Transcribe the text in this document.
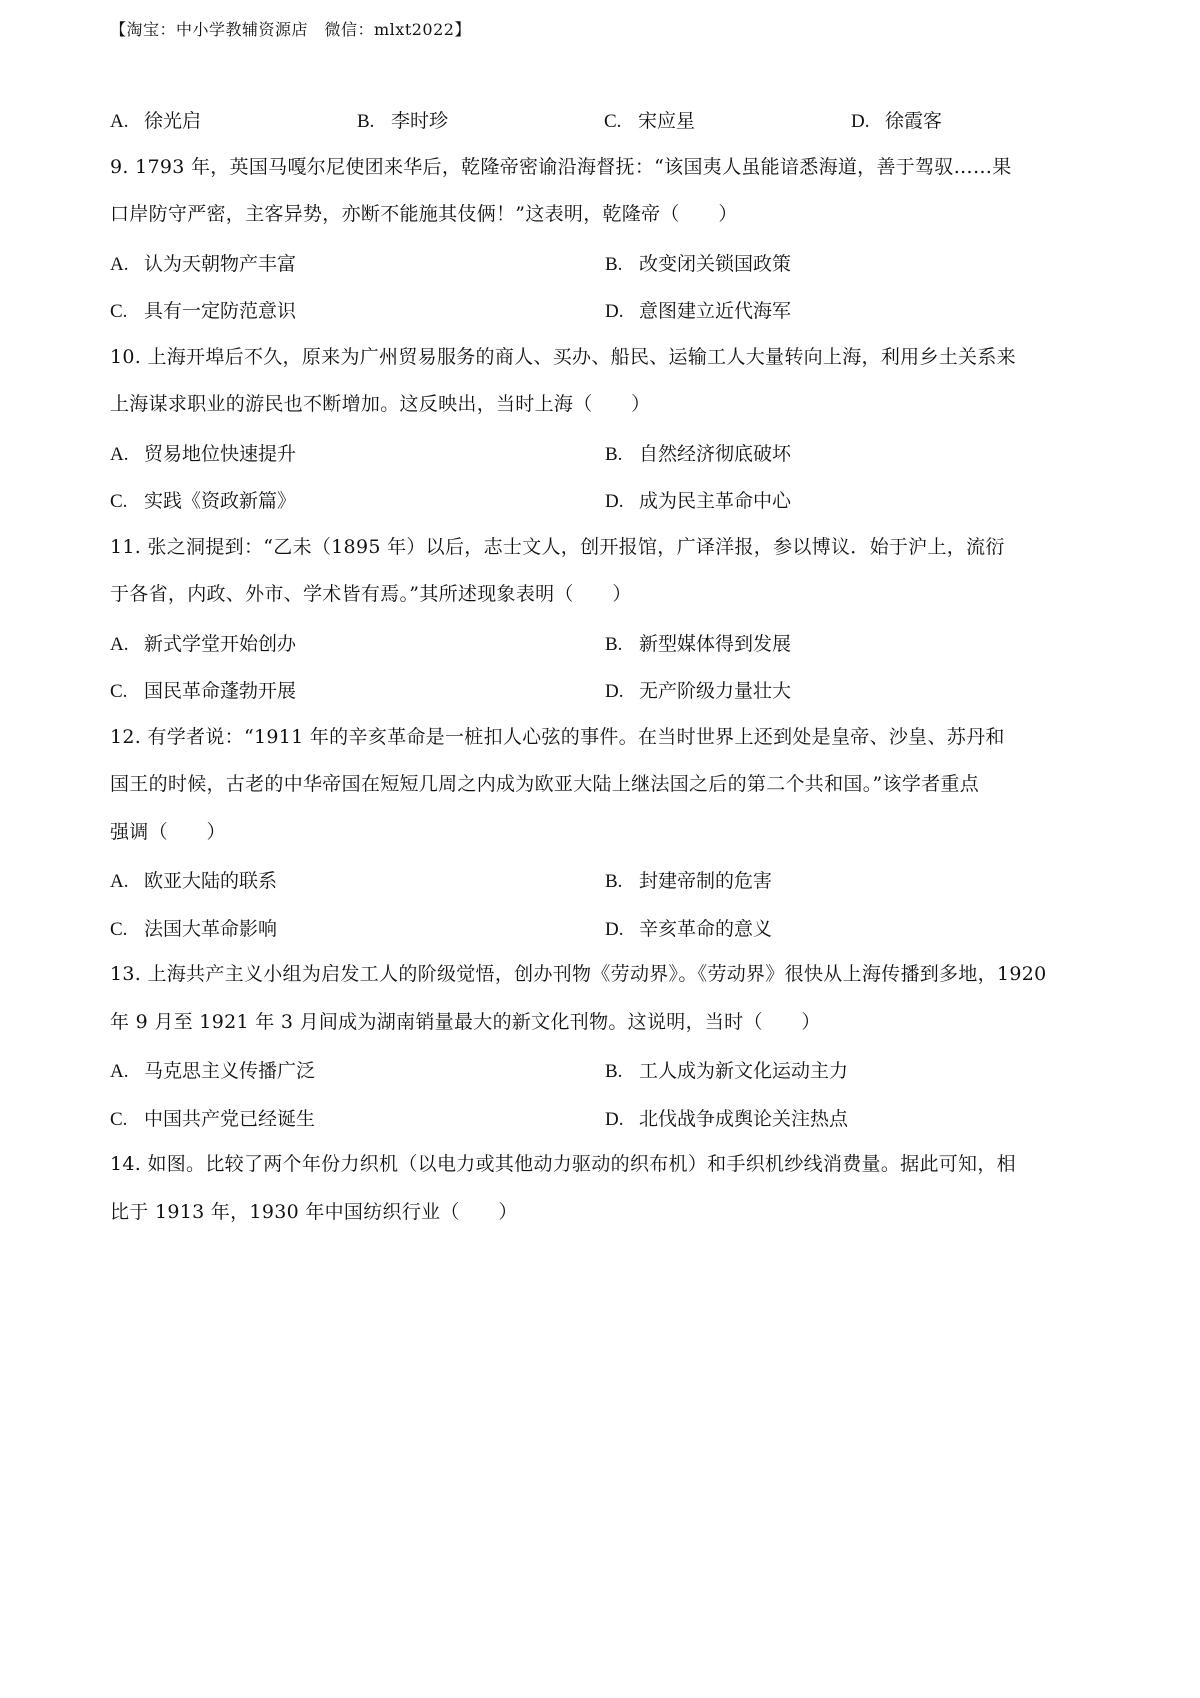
【淘宝：中小学教辅资源店　微信：mlxt2022】
A. 徐光启	B. 李时珍	C. 宋应星	D. 徐霞客
9. 1793 年，英国马嘎尔尼使团来华后，乾隆帝密谕沿海督抚：“该国夷人虽能谙悉海道，善于驾驭……果
口岸防守严密，主客异势，亦断不能施其伎俩！”这表明，乾隆帝（　　）
A. 认为天朝物产丰富	B. 改变闭关锁国政策
C. 具有一定防范意识	D. 意图建立近代海军
10. 上海开埠后不久，原来为广州贸易服务的商人、买办、船民、运输工人大量转向上海，利用乡土关系来
上海谋求职业的游民也不断增加。这反映出，当时上海（　　）
A. 贸易地位快速提升	B. 自然经济彻底破坏
C. 实践《资政新篇》	D. 成为民主革命中心
11. 张之洞提到：“乙未（1895 年）以后，志士文人，创开报馆，广译洋报，参以博议．始于沪上，流衍
于各省，内政、外市、学术皆有焉。”其所述现象表明（　　）
A. 新式学堂开始创办	B. 新型媒体得到发展
C. 国民革命蓬勃开展	D. 无产阶级力量壮大
12. 有学者说：“1911 年的辛亥革命是一桩扣人心弦的事件。在当时世界上还到处是皇帝、沙皇、苏丹和
国王的时候，古老的中华帝国在短短几周之内成为欧亚大陆上继法国之后的第二个共和国。”该学者重点
强调（　　）
A. 欧亚大陆的联系	B. 封建帝制的危害
C. 法国大革命影响	D. 辛亥革命的意义
13. 上海共产主义小组为启发工人的阶级觉悟，创办刊物《劳动界》。《劳动界》很快从上海传播到多地，1920
年 9 月至 1921 年 3 月间成为湖南销量最大的新文化刊物。这说明，当时（　　）
A. 马克思主义传播广泛	B. 工人成为新文化运动主力
C. 中国共产党已经诞生	D. 北伐战争成舆论关注热点
14. 如图。比较了两个年份力织机（以电力或其他动力驱动的织布机）和手织机纱线消费量。据此可知，相
比于 1913 年，1930 年中国纺织行业（　　）
